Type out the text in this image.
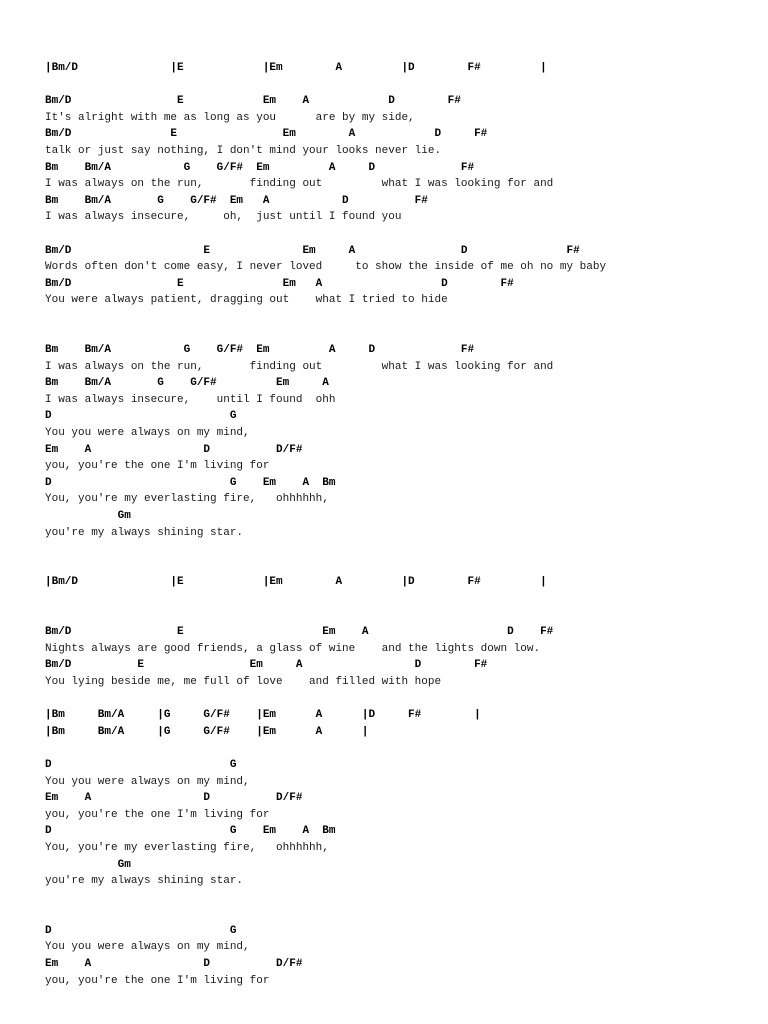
|Bm/D              |E            |Em        A         |D        F#         |
Bm/D                E            Em    A            D        F#
It's alright with me as long as you      are by my side,
Bm/D               E                Em        A            D     F#
talk or just say nothing, I don't mind your looks never lie.
Bm    Bm/A           G    G/F#  Em         A     D             F#
I was always on the run,       finding out         what I was looking for and
Bm    Bm/A       G    G/F#  Em   A           D          F#
I was always insecure,     oh,  just until I found you
Bm/D                    E              Em     A                D               F#
Words often don't come easy, I never loved     to show the inside of me oh no my baby
Bm/D                E               Em   A                  D        F#
You were always patient, dragging out    what I tried to hide
Bm    Bm/A           G    G/F#  Em         A     D             F#
I was always on the run,       finding out         what I was looking for and
Bm    Bm/A       G    G/F#         Em     A
I was always insecure,    until I found  ohh
D                           G
You you were always on my mind,
Em    A                 D          D/F#
you, you're the one I'm living for
D                           G    Em    A  Bm
You, you're my everlasting fire,   ohhhhhh,
Gm
you're my always shining star.
|Bm/D              |E            |Em        A         |D        F#         |
Bm/D                E                     Em    A                     D    F#
Nights always are good friends, a glass of wine    and the lights down low.
Bm/D          E                Em     A                 D        F#
You lying beside me, me full of love    and filled with hope
|Bm     Bm/A     |G     G/F#    |Em      A      |D     F#        |
|Bm     Bm/A     |G     G/F#    |Em      A      |
D                           G
You you were always on my mind,
Em    A                 D          D/F#
you, you're the one I'm living for
D                           G    Em    A  Bm
You, you're my everlasting fire,   ohhhhhh,
Gm
you're my always shining star.
D                           G
You you were always on my mind,
Em    A                 D          D/F#
you, you're the one I'm living for
